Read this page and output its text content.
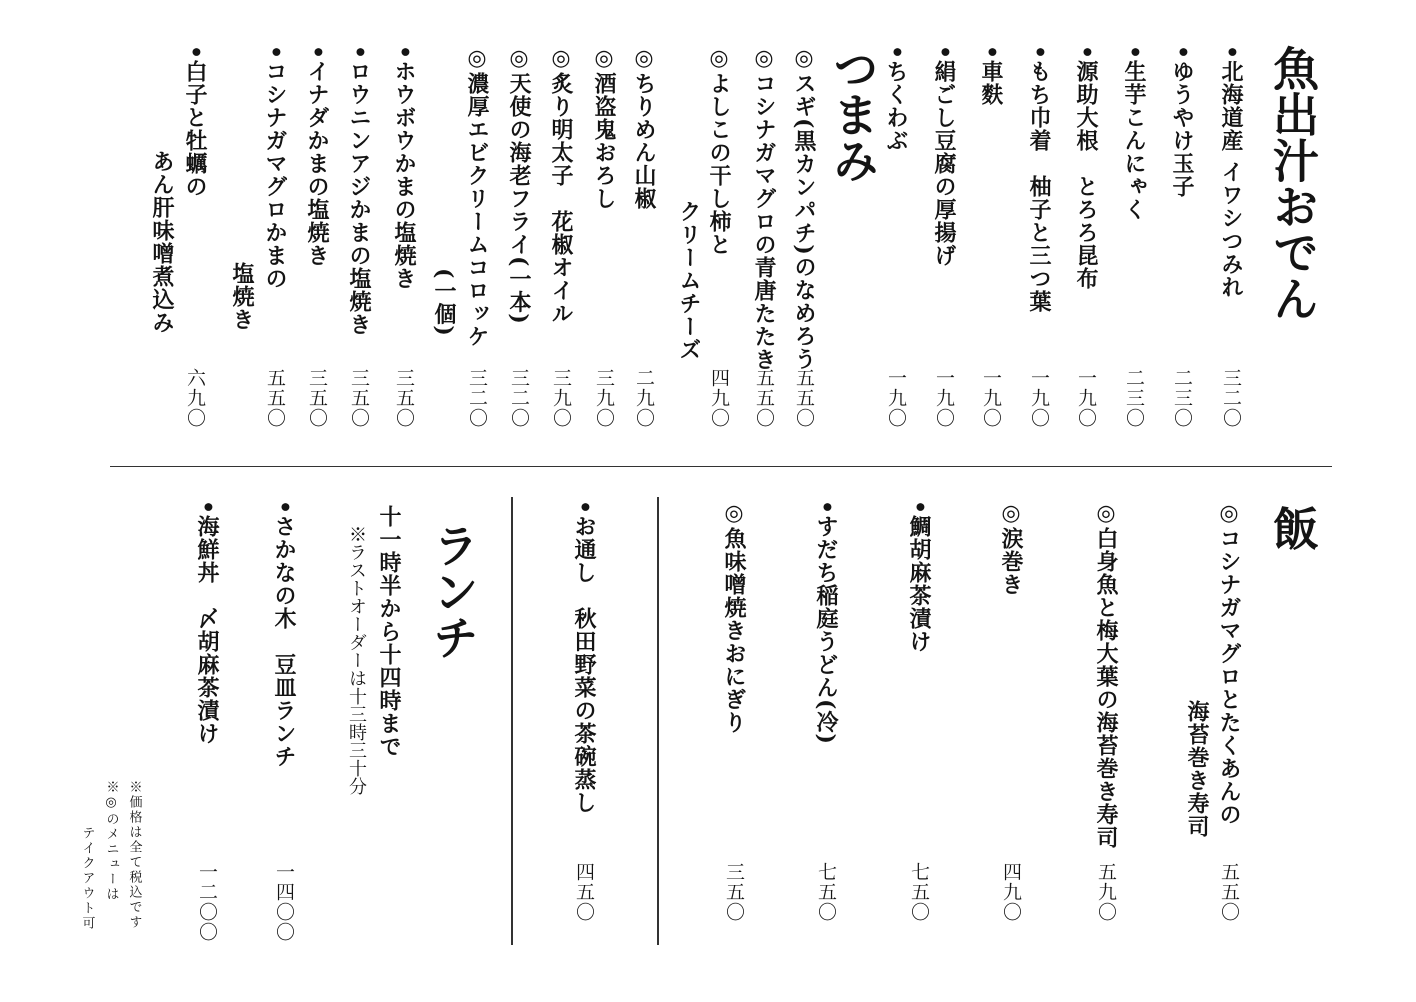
魚出汁おでん
•北海道産 イワシつみれ
三二〇
•ゆうやけ玉子
二三〇
•生芋こんにゃく
二三〇
•源助大根　とろろ昆布
一九〇
•もち巾着　柚子と三つ葉
一九〇
•車麩
一九〇
•絹ごし豆腐の厚揚げ
一九〇
•ちくわぶ
一九〇
つまみ
◎スギ(黒カンパチ)のなめろう
五五〇
◎コシナガマグロの青唐たたき
五五〇
◎よしこの干し柿と
クリームチーズ
四九〇
◎ちりめん山椒
二九〇
◎酒盗鬼おろし
三九〇
◎炙り明太子　花椒オイル
三九〇
◎天使の海老フライ(一本)
三二〇
◎濃厚エビクリームコロッケ
(一個)
三二〇
•ホウボウかまの塩焼き
三五〇
•ロウニンアジかまの塩焼き
三五〇
•イナダかまの塩焼き
三五〇
•コシナガマグロかまの
塩焼き
五五〇
•白子と牡蠣の
あん肝味噌煮込み
六九〇
飯
◎コシナガマグロとたくあんの
海苔巻き寿司
五五〇
◎白身魚と梅大葉の海苔巻き寿司
五九〇
◎涙巻き
四九〇
•鯛胡麻茶漬け
七五〇
•すだち稲庭うどん(冷)
七五〇
◎魚味噌焼きおにぎり
三五〇
•お通し　秋田野菜の茶碗蒸し
四五〇
ランチ
•さかなの木　豆皿ランチ
一四〇〇
•海鮮丼　〆胡麻茶漬け
一二〇〇
十一時半から十四時まで
※ラストオーダーは十三時三十分
※価格は全て税込です
※◎のメニューは
テイクアウト可
